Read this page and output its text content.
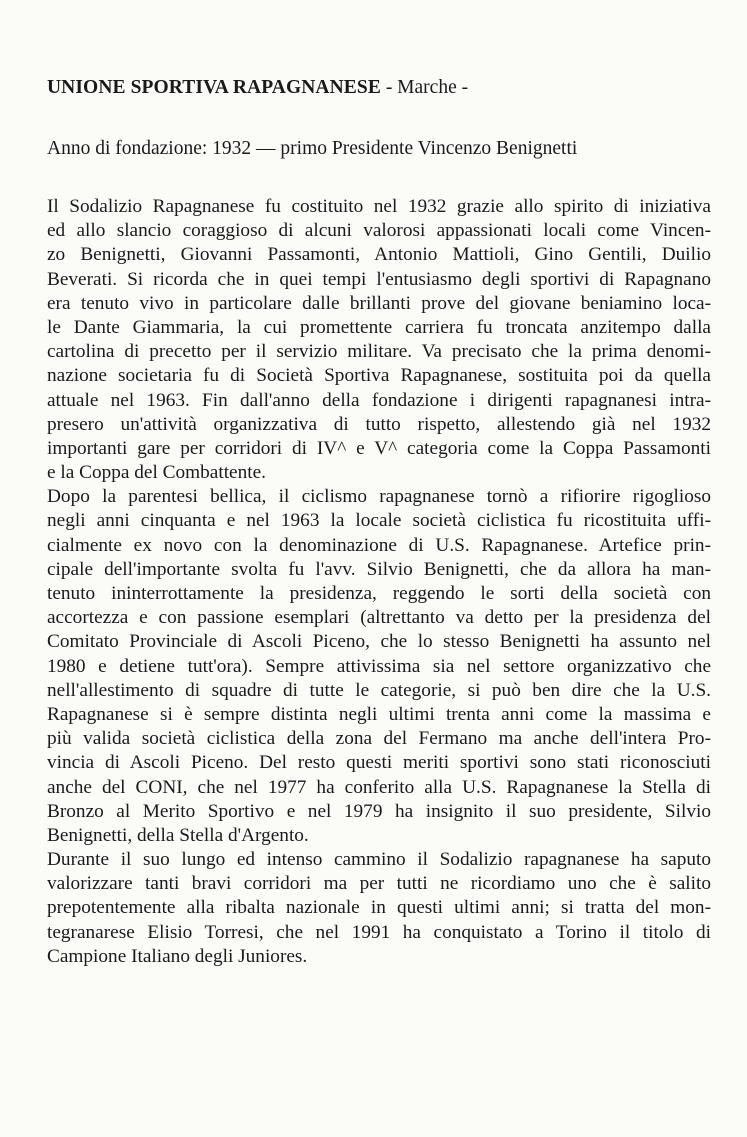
UNIONE SPORTIVA RAPAGNANESE - Marche -
Anno di fondazione: 1932 — primo Presidente Vincenzo Benignetti
Il Sodalizio Rapagnanese fu costituito nel 1932 grazie allo spirito di iniziativa
ed allo slancio coraggioso di alcuni valorosi appassionati locali come Vincen-
zo Benignetti, Giovanni Passamonti, Antonio Mattioli, Gino Gentili, Duilio
Beverati. Si ricorda che in quei tempi l'entusiasmo degli sportivi di Rapagnano
era tenuto vivo in particolare dalle brillanti prove del giovane beniamino loca-
le Dante Giammaria, la cui promettente carriera fu troncata anzitempo dalla
cartolina di precetto per il servizio militare. Va precisato che la prima denomi-
nazione societaria fu di Società Sportiva Rapagnanese, sostituita poi da quella
attuale nel 1963. Fin dall'anno della fondazione i dirigenti rapagnanesi intra-
presero un'attività organizzativa di tutto rispetto, allestendo già nel 1932
importanti gare per corridori di IV^ e V^ categoria come la Coppa Passamonti
e la Coppa del Combattente.
Dopo la parentesi bellica, il ciclismo rapagnanese tornò a rifiorire rigoglioso
negli anni cinquanta e nel 1963 la locale società ciclistica fu ricostituita uffi-
cialmente ex novo con la denominazione di U.S. Rapagnanese. Artefice prin-
cipale dell'importante svolta fu l'avv. Silvio Benignetti, che da allora ha man-
tenuto ininterrottamente la presidenza, reggendo le sorti della società con
accortezza e con passione esemplari (altrettanto va detto per la presidenza del
Comitato Provinciale di Ascoli Piceno, che lo stesso Benignetti ha assunto nel
1980 e detiene tutt'ora). Sempre attivissima sia nel settore organizzativo che
nell'allestimento di squadre di tutte le categorie, si può ben dire che la U.S.
Rapagnanese si è sempre distinta negli ultimi trenta anni come la massima e
più valida società ciclistica della zona del Fermano ma anche dell'intera Pro-
vincia di Ascoli Piceno. Del resto questi meriti sportivi sono stati riconosciuti
anche del CONI, che nel 1977 ha conferito alla U.S. Rapagnanese la Stella di
Bronzo al Merito Sportivo e nel 1979 ha insignito il suo presidente, Silvio
Benignetti, della Stella d'Argento.
Durante il suo lungo ed intenso cammino il Sodalizio rapagnanese ha saputo
valorizzare tanti bravi corridori ma per tutti ne ricordiamo uno che è salito
prepotentemente alla ribalta nazionale in questi ultimi anni; si tratta del mon-
tegranarese Elisio Torresi, che nel 1991 ha conquistato a Torino il titolo di
Campione Italiano degli Juniores.
